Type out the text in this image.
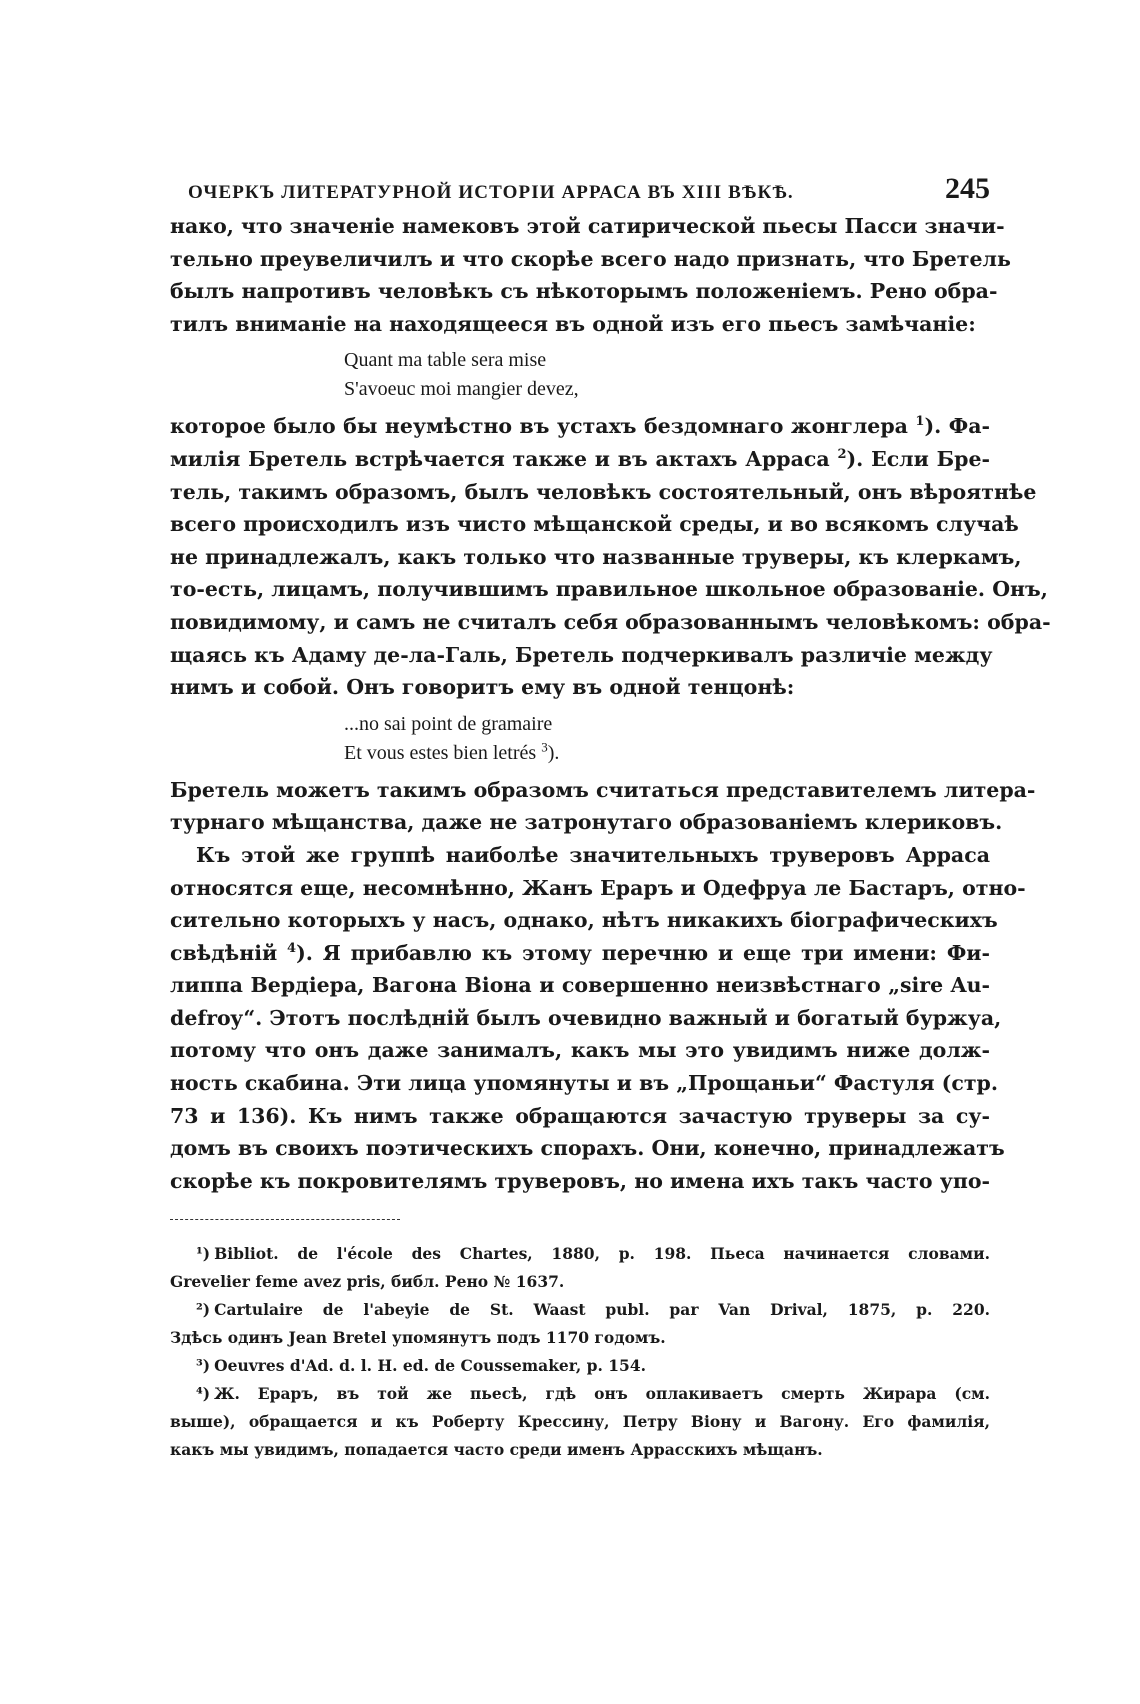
ОЧЕРКЪ ЛИТЕРАТУРНОЙ ИСТОРІИ АРРАСА ВЪ XIII ВѢКѢ.	245
нако, что значеніе намековъ этой сатирической пьесы Пасси значи-
тельно преувеличилъ и что скорѣе всего надо признать, что Бретель
былъ напротивъ человѣкъ съ нѣкоторымъ положеніемъ. Рено обра-
тилъ вниманіе на находящееся въ одной изъ его пьесъ замѣчаніе:
Quant ma table sera mise
S'avoeuc moi mangier devez,
которое было бы неумѣстно въ устахъ бездомнаго жонглера $^1$). Фа-
милія Бретель встрѣчается также и въ актахъ Арраса $^2$). Если Бре-
тель, такимъ образомъ, былъ человѣкъ состоятельный, онъ вѣроятнѣе
всего происходилъ изъ чисто мѣщанской среды, и во всякомъ случаѣ
не принадлежалъ, какъ только что названные труверы, къ клеркамъ,
то-есть, лицамъ, получившимъ правильное школьное образованіе. Онъ,
повидимому, и самъ не считалъ себя образованнымъ человѣкомъ: обра-
щаясь къ Адаму де-ла-Галь, Бретель подчеркивалъ различіе между
нимъ и собой. Онъ говоритъ ему въ одной тенцонѣ:
...no sai point de gramaire
Et vous estes bien letrés $^3$).
Бретель можетъ такимъ образомъ считаться представителемъ литера-
турнаго мѣщанства, даже не затронутаго образованіемъ клериковъ.
Къ этой же группѣ наиболѣе значительныхъ труверовъ Арраса
относятся еще, несомнѣнно, Жанъ Ераръ и Одефруа ле Бастаръ, отно-
сительно которыхъ у насъ, однако, нѣтъ никакихъ біографическихъ
свѣдѣній $^4$). Я прибавлю къ этому перечню и еще три имени: Фи-
липпа Вердіера, Вагона Віона и совершенно неизвѣстнаго „sire Au-
defroy“. Этотъ послѣдній былъ очевидно важный и богатый буржуа,
потому что онъ даже занималъ, какъ мы это увидимъ ниже долж-
ность скабина. Эти лица упомянуты и въ „Прощаньи“ Фастуля (стр.
73 и 136). Къ нимъ также обращаются зачастую труверы за су-
домъ въ своихъ поэтическихъ спорахъ. Они, конечно, принадлежатъ
скорѣе къ покровителямъ труверовъ, но имена ихъ такъ часто упо-
¹) Bibliot. de l'école des Chartes, 1880, p. 198. Пьеса начинается словами.
Grevelier feme avez pris, библ. Рено № 1637.
²) Cartulaire de l'abeyie de St. Waast publ. par Van Drival, 1875, p. 220.
Здѣсь одинъ Jean Bretel упомянутъ подъ 1170 годомъ.
³) Oeuvres d'Ad. d. l. H. ed. de Coussemaker, p. 154.
⁴) Ж. Ераръ, въ той же пьесѣ, гдѣ онъ оплакиваетъ смерть Жирара (см.
выше), обращается и къ Роберту Крессину, Петру Віону и Вагону. Его фамилія,
какъ мы увидимъ, попадается часто среди именъ Аррасскихъ мѣщанъ.
